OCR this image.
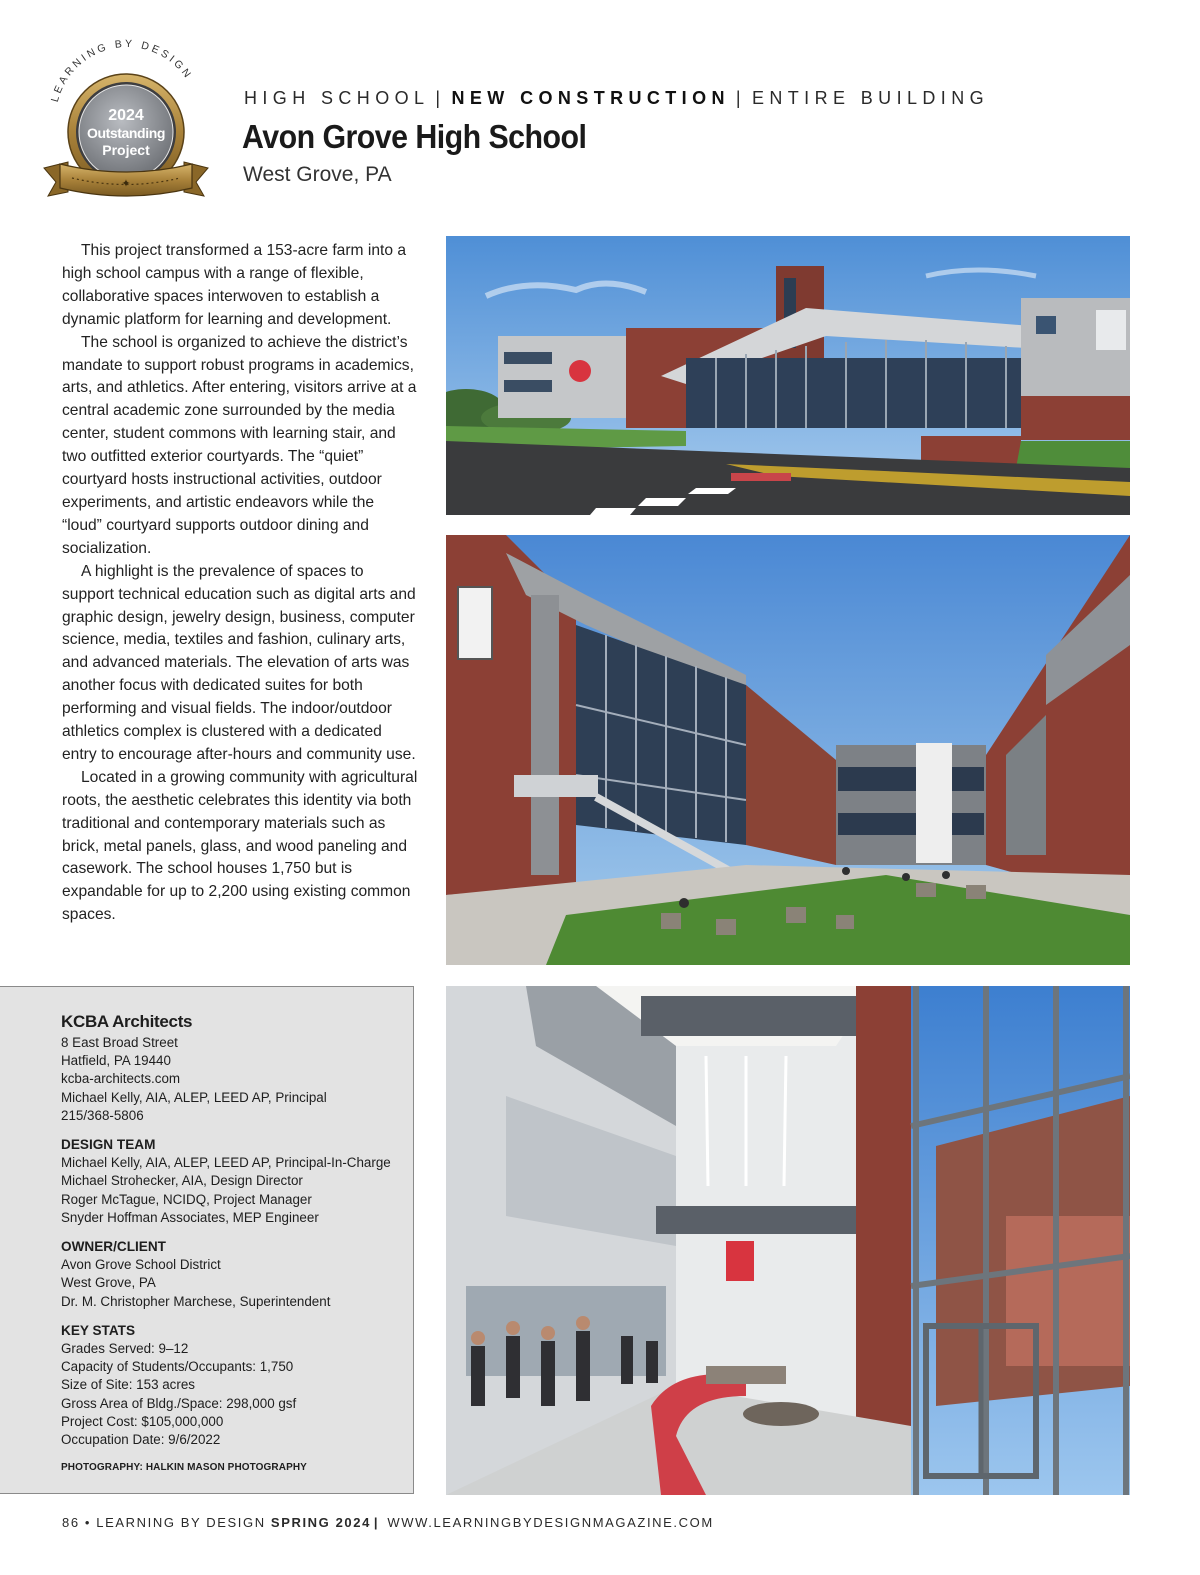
LEARNING BY DESIGN
✦
2024
Outstanding
Project
HIGH SCHOOL | NEW CONSTRUCTION | ENTIRE BUILDING
Avon Grove High School
West Grove, PA

This project transformed a 153-acre farm into a high school campus with a range of flexible, collaborative spaces interwoven to establish a dynamic platform for learning and development.

The school is organized to achieve the district’s mandate to support robust programs in academics, arts, and athletics. After entering, visitors arrive at a central academic zone surrounded by the media center, student commons with learning stair, and two outfitted exterior courtyards. The “quiet” courtyard hosts instructional activities, outdoor experiments, and artistic endeavors while the “loud” courtyard supports outdoor dining and socialization.

A highlight is the prevalence of spaces to support technical education such as digital arts and graphic design, jewelry design, business, computer science, media, textiles and fashion, culinary arts, and advanced materials. The elevation of arts was another focus with dedicated suites for both performing and visual fields. The indoor/outdoor athletics complex is clustered with a dedicated entry to encourage after-hours and community use.

Located in a growing community with agricultural roots, the aesthetic celebrates this identity via both traditional and contemporary materials such as brick, metal panels, glass, and wood paneling and casework. The school houses 1,750 but is expandable for up to 2,200 using existing common spaces.

KCBA Architects
8 East Broad Street
Hatfield, PA 19440
kcba-architects.com
Michael Kelly, AIA, ALEP, LEED AP, Principal
215/368-5806
DESIGN TEAM
Michael Kelly, AIA, ALEP, LEED AP, Principal-In-Charge
Michael Strohecker, AIA, Design Director
Roger McTague, NCIDQ, Project Manager
Snyder Hoffman Associates, MEP Engineer
OWNER/CLIENT
Avon Grove School District
West Grove, PA
Dr. M. Christopher Marchese, Superintendent
KEY STATS
Grades Served: 9–12
Capacity of Students/Occupants: 1,750
Size of Site: 153 acres
Gross Area of Bldg./Space: 298,000 gsf
Project Cost: $105,000,000
Occupation Date: 9/6/2022
PHOTOGRAPHY: HALKIN MASON PHOTOGRAPHY
86 • LEARNING BY DESIGN SPRING 2024 | WWW.LEARNINGBYDESIGNMAGAZINE.COM
